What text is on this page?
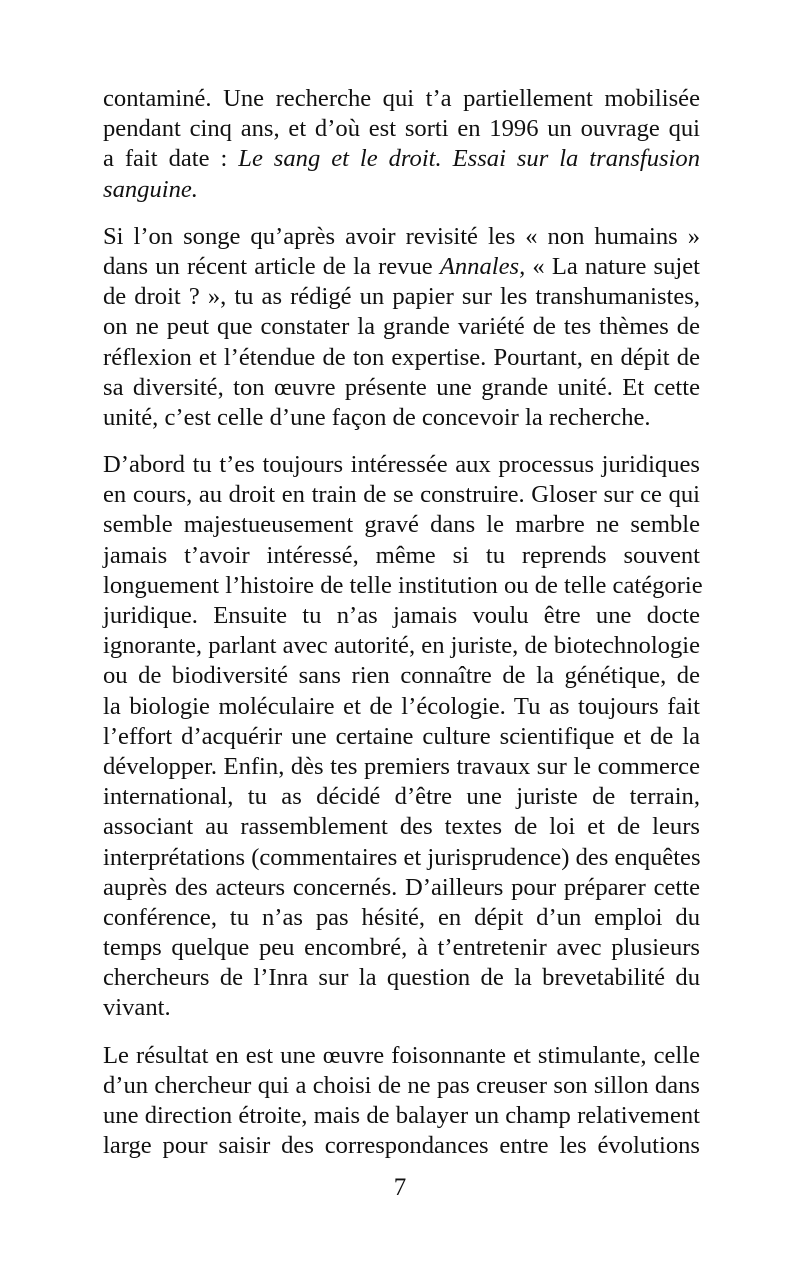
contaminé. Une recherche qui t’a partiellement mobilisée
pendant cinq ans, et d’où est sorti en 1996 un ouvrage qui
a fait date : Le sang et le droit. Essai sur la transfusion
sanguine.
Si l’on songe qu’après avoir revisité les « non humains »
dans un récent article de la revue Annales, « La nature sujet
de droit ? », tu as rédigé un papier sur les transhumanistes,
on ne peut que constater la grande variété de tes thèmes de
réflexion et l’étendue de ton expertise. Pourtant, en dépit de
sa diversité, ton œuvre présente une grande unité. Et cette
unité, c’est celle d’une façon de concevoir la recherche.
D’abord tu t’es toujours intéressée aux processus juridiques
en cours, au droit en train de se construire. Gloser sur ce qui
semble majestueusement gravé dans le marbre ne semble
jamais t’avoir intéressé, même si tu reprends souvent
longuement l’histoire de telle institution ou de telle catégorie
juridique. Ensuite tu n’as jamais voulu être une docte
ignorante, parlant avec autorité, en juriste, de biotechnologie
ou de biodiversité sans rien connaître de la génétique, de
la biologie moléculaire et de l’écologie. Tu as toujours fait
l’effort d’acquérir une certaine culture scientifique et de la
développer. Enfin, dès tes premiers travaux sur le commerce
international, tu as décidé d’être une juriste de terrain,
associant au rassemblement des textes de loi et de leurs
interprétations (commentaires et jurisprudence) des enquêtes
auprès des acteurs concernés. D’ailleurs pour préparer cette
conférence, tu n’as pas hésité, en dépit d’un emploi du
temps quelque peu encombré, à t’entretenir avec plusieurs
chercheurs de l’Inra sur la question de la brevetabilité du
vivant.
Le résultat en est une œuvre foisonnante et stimulante, celle
d’un chercheur qui a choisi de ne pas creuser son sillon dans
une direction étroite, mais de balayer un champ relativement
large pour saisir des correspondances entre les évolutions
7
